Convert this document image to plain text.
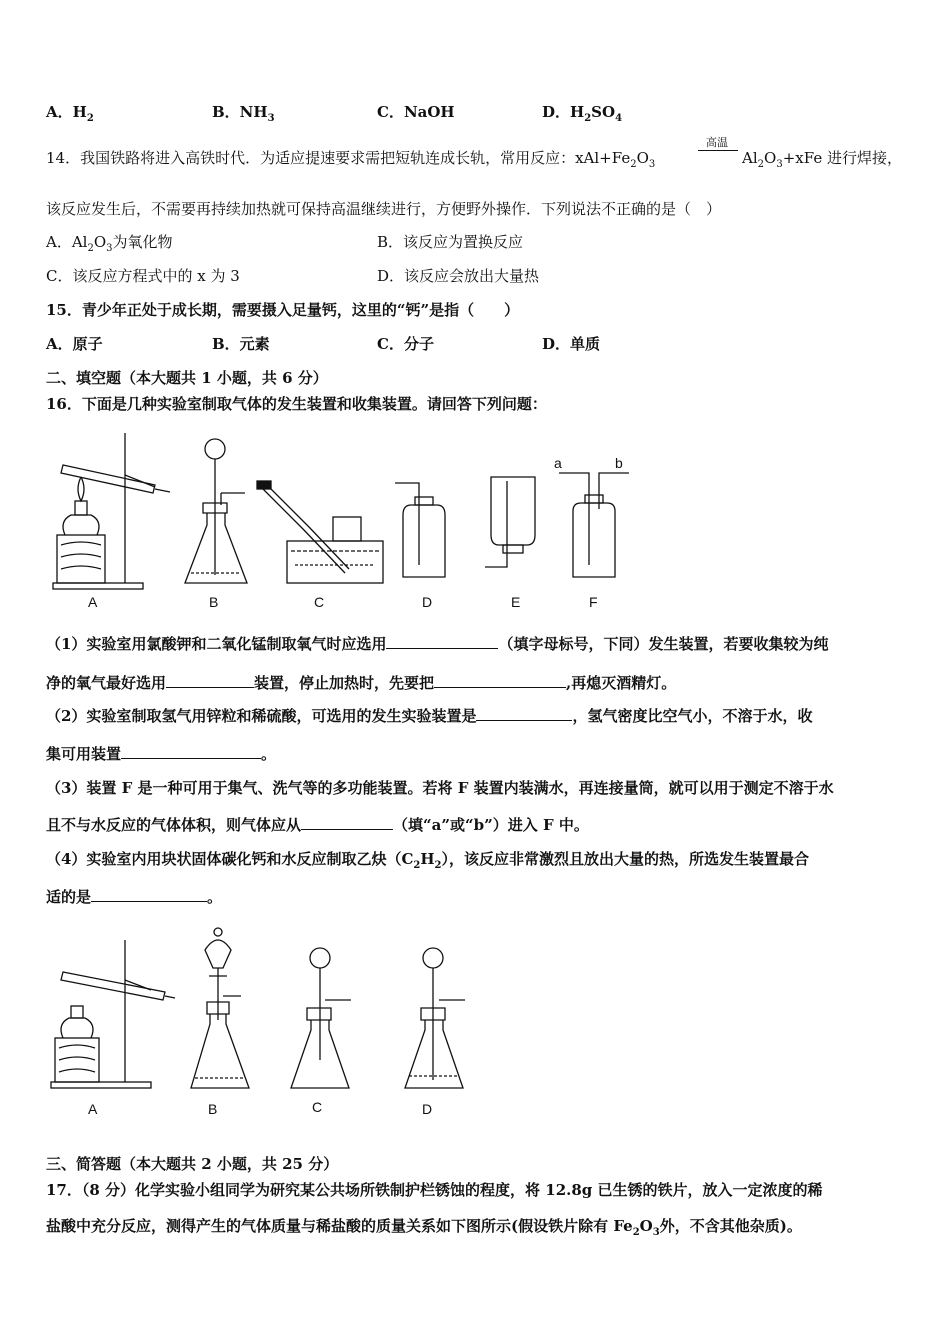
A．$H_2$	B．$NH_3$	C．NaOH	D．$H_2SO_4$
14．我国铁路将进入高铁时代．为适应提速要求需把短轨连成长轨，常用反应：$xAl+Fe_2O_3$
高温
$Al_2O_3+xFe$ 进行焊接，
该反应发生后，不需要再持续加热就可保持高温继续进行，方便野外操作．下列说法不正确的是（　）
A．$Al_2O_3$为氧化物	B．该反应为置换反应
C．该反应方程式中的 x 为 3	D．该反应会放出大量热
15．青少年正处于成长期，需要摄入足量钙，这里的“钙”是指（　　）
A．原子	B．元素	C．分子	D．单质
二、填空题（本大题共 1 小题，共 6 分）
16．下面是几种实验室制取气体的发生装置和收集装置。请回答下列问题：
A	B	C	D	E	F
a	b
（1）实验室用氯酸钾和二氧化锰制取氧气时应选用	（填字母标号，下同）发生装置，若要收集较为纯
净的氧气最好选用	装置，停止加热时，先要把	,再熄灭酒精灯。
（2）实验室制取氢气用锌粒和稀硫酸，可选用的发生实验装置是	，氢气密度比空气小，不溶于水，收
集可用装置	。
（3）装置 F 是一种可用于集气、洗气等的多功能装置。若将 F 装置内装满水，再连接量筒，就可以用于测定不溶于水
且不与水反应的气体体积，则气体应从	（填“a”或“b”）进入 F 中。
（4）实验室内用块状固体碳化钙和水反应制取乙炔$(C_2H_2)$，该反应非常激烈且放出大量的热，所选发生装置最合
适的是	。
A	B	C	D
三、简答题（本大题共 2 小题，共 25 分）
17．（8 分）化学实验小组同学为研究某公共场所铁制护栏锈蚀的程度，将 12.8g 已生锈的铁片，放入一定浓度的稀
盐酸中充分反应，测得产生的气体质量与稀盐酸的质量关系如下图所示(假设铁片除有 $Fe_2O_3$外，不含其他杂质)。
